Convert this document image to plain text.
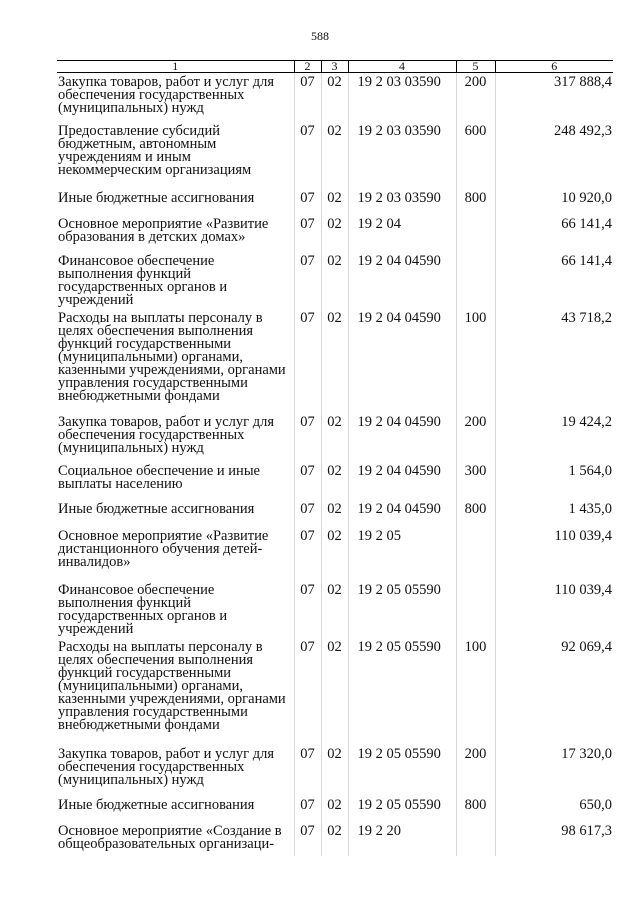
588
1	2	3	4	5	6
Закупка товаров, работ и услуг для обеспечения государственных (муниципальных) нужд	07	02	19 2 03 03590	200	317 888,4
Предоставление субсидий бюджетным, автономным учреждениям и иным некоммерческим организациям	07	02	19 2 03 03590	600	248 492,3
Иные бюджетные ассигнования	07	02	19 2 03 03590	800	10 920,0
Основное мероприятие «Развитие образования в детских домах»	07	02	19 2 04		66 141,4
Финансовое обеспечение выполнения функций государственных органов и учреждений	07	02	19 2 04 04590		66 141,4
Расходы на выплаты персоналу в целях обеспечения выполнения функций государственными (муниципальными) органами, казенными учреждениями, органами управления государственными внебюджетными фондами	07	02	19 2 04 04590	100	43 718,2
Закупка товаров, работ и услуг для обеспечения государственных (муниципальных) нужд	07	02	19 2 04 04590	200	19 424,2
Социальное обеспечение и иные выплаты населению	07	02	19 2 04 04590	300	1 564,0
Иные бюджетные ассигнования	07	02	19 2 04 04590	800	1 435,0
Основное мероприятие «Развитие дистанционного обучения детей-инвалидов»	07	02	19 2 05		110 039,4
Финансовое обеспечение выполнения функций государственных органов и учреждений	07	02	19 2 05 05590		110 039,4
Расходы на выплаты персоналу в целях обеспечения выполнения функций государственными (муниципальными) органами, казенными учреждениями, органами управления государственными внебюджетными фондами	07	02	19 2 05 05590	100	92 069,4
Закупка товаров, работ и услуг для обеспечения государственных (муниципальных) нужд	07	02	19 2 05 05590	200	17 320,0
Иные бюджетные ассигнования	07	02	19 2 05 05590	800	650,0
Основное мероприятие «Создание в общеобразовательных организаци-	07	02	19 2 20		98 617,3
